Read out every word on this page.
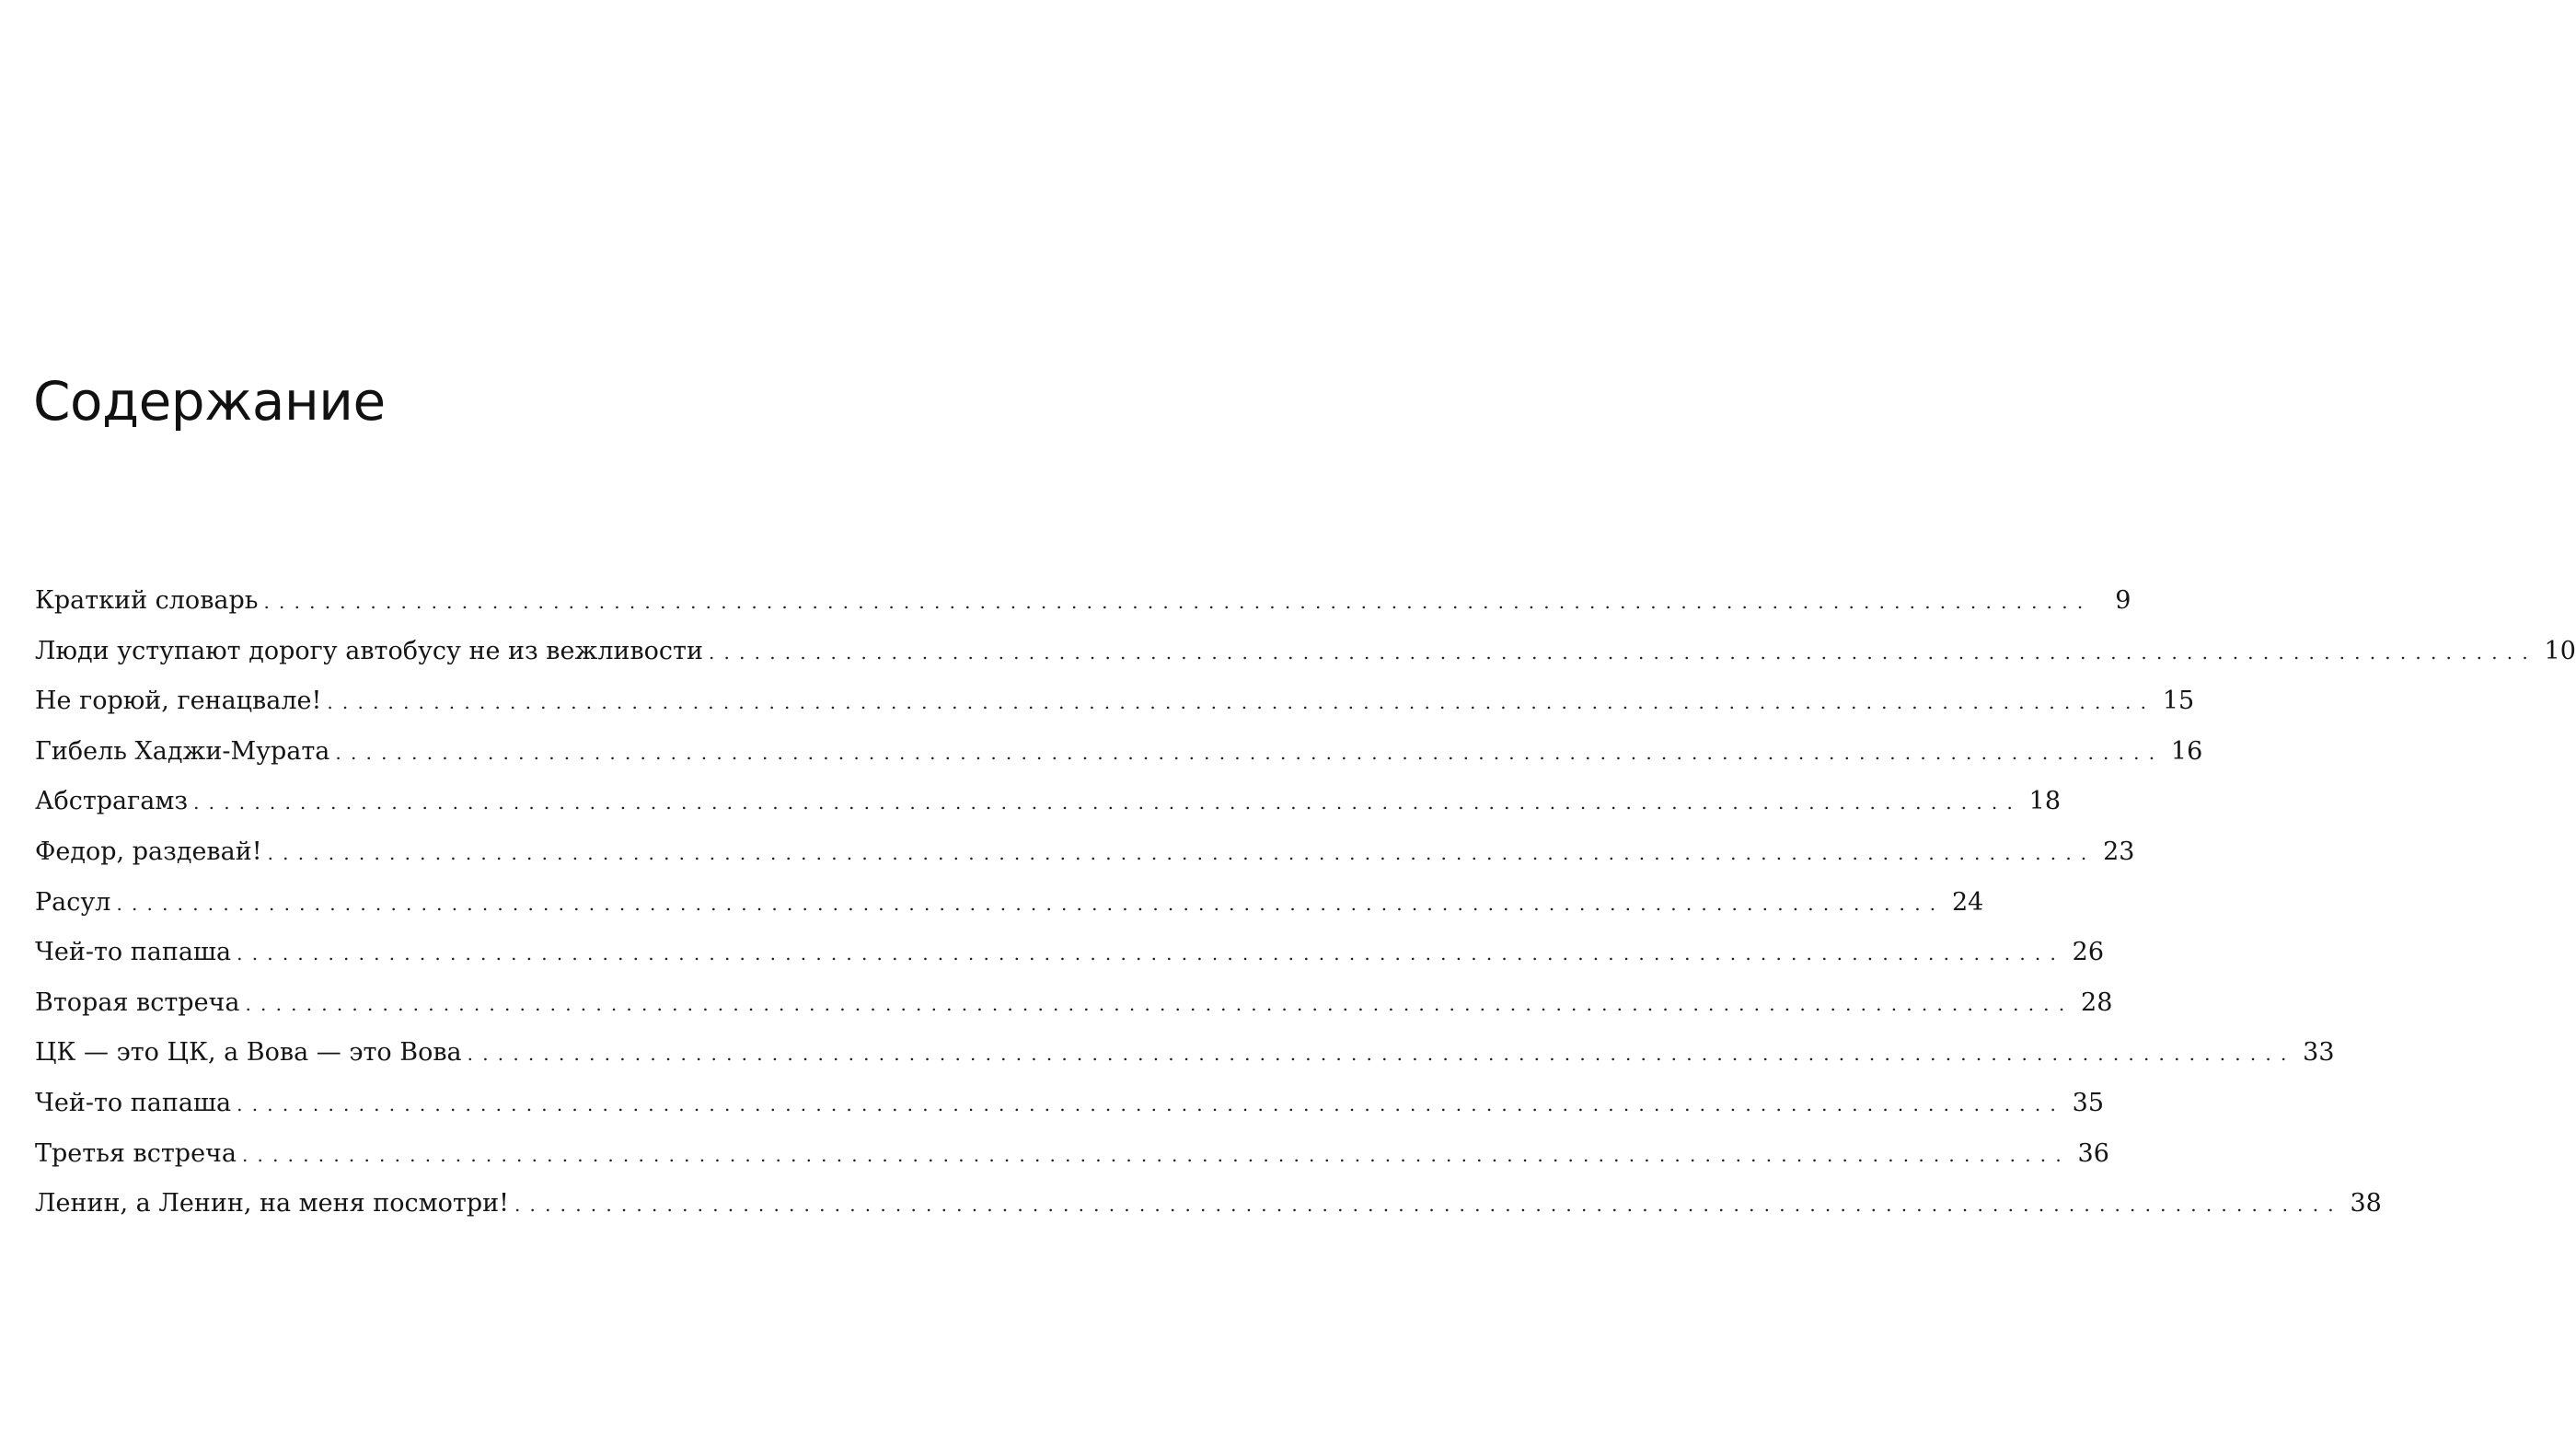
Содержание
Краткий словарь ........................................................................................................................ 9
Люди уступают дорогу автобусу не из вежливости ........................................................................................................................ 10
Не горюй, генацвале! ........................................................................................................................ 15
Гибель Хаджи-Мурата ........................................................................................................................ 16
Абстрагамз ........................................................................................................................ 18
Федор, раздевай! ........................................................................................................................ 23
Расул ........................................................................................................................ 24
Чей-то папаша ........................................................................................................................ 26
Вторая встреча ........................................................................................................................ 28
ЦК — это ЦК, а Вова — это Вова ........................................................................................................................ 33
Чей-то папаша ........................................................................................................................ 35
Третья встреча ........................................................................................................................ 36
Ленин, а Ленин, на меня посмотри! ........................................................................................................................ 38
